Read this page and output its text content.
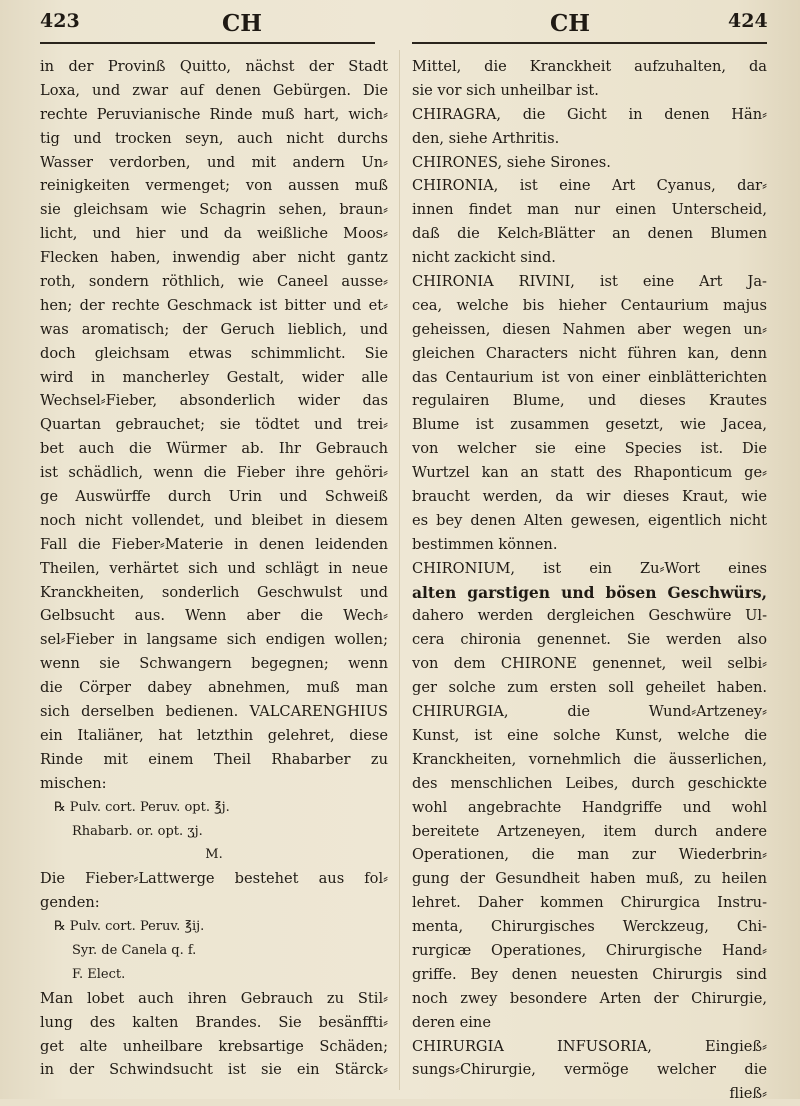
423	CH	CH	424
in der Provinß Quitto, nächst der Stadt
Loxa, und zwar auf denen Gebürgen. Die
rechte Peruvianische Rinde muß hart, wich⸗
tig und trocken seyn, auch nicht durchs
Wasser verdorben, und mit andern Un⸗
reinigkeiten vermenget; von aussen muß
sie gleichsam wie Schagrin sehen, braun⸗
licht, und hier und da weißliche Moos⸗
Flecken haben, inwendig aber nicht gantz
roth, sondern röthlich, wie Caneel aussе⸗
hen; der rechte Geschmack ist bitter und et⸗
was aromatisch; der Geruch lieblich, und
doch gleichsam etwas schimmlicht. Sie
wird in mancherley Gestalt, wider alle
Wechsel⸗Fieber, absonderlich wider das
Quartan gebrauchet; sie tödtet und trei⸗
bet auch die Würmer ab. Ihr Gebrauch
ist schädlich, wenn die Fieber ihre gehöri⸗
ge Auswürffe durch Urin und Schweiß
noch nicht vollendet, und bleibet in diesem
Fall die Fieber⸗Materie in denen leidenden
Theilen, verhärtet sich und schlägt in neue
Kranckheiten, sonderlich Geschwulst und
Gelbsucht aus. Wenn aber die Wech⸗
sel⸗Fieber in langsame sich endigen wollen;
wenn sie Schwangern begegnen; wenn
die Cörper dabey abnehmen, muß man
sich derselben bedienen. VALCARENGHIUS
ein Italiäner, hat letzthin gelehret, diese
Rinde mit einem Theil Rhabarber zu
mischen:
℞ Pulv. cort. Peruv. opt. ℥j.
Rhabarb. or. opt. ʒj.
M.
Die Fieber⸗Lattwerge bestehet aus fol⸗
genden:
℞ Pulv. cort. Peruv. ℥ij.
Syr. de Canela q. f.
F. Elect.
Man lobet auch ihren Gebrauch zu Stil⸗
lung des kalten Brandes. Sie besänffti⸗
get alte unheilbare krebsartige Schäden;
in der Schwindsucht ist sie ein Stärck⸗
Mittel, die Kranckheit aufzuhalten, da
sie vor sich unheilbar ist.
CHIRAGRA, die Gicht in denen Hän⸗
den, siehe Arthritis.
CHIRONES, siehe Sirones.
CHIRONIA, ist eine Art Cyanus, dar⸗
innen findet man nur einen Unterscheid,
daß die Kelch⸗Blätter an denen Blumen
nicht zackicht sind.
CHIRONIA RIVINI, ist eine Art Ja-
cea, welche bis hieher Centaurium majus
geheissen, diesen Nahmen aber wegen un⸗
gleichen Characters nicht führen kan, denn
das Centaurium ist von einer einblätterichten
regulairen Blume, und dieses Krautes
Blume ist zusammen gesetzt, wie Jacea,
von welcher sie eine Species ist. Die
Wurtzel kan an statt des Rhaponticum ge⸗
braucht werden, da wir dieses Kraut, wie
es bey denen Alten gewesen, eigentlich nicht
bestimmen können.
CHIRONIUM, ist ein Zu⸗Wort eines
alten garstigen und bösen Geschwürs,
dahero werden dergleichen Geschwüre Ul-
cera chironia genennet. Sie werden also
von dem CHIRONE genennet, weil selbi⸗
ger solche zum ersten soll geheilet haben.
CHIRURGIA, die Wund⸗Artzeney⸗
Kunst, ist eine solche Kunst, welche die
Kranckheiten, vornehmlich die äusserlichen,
des menschlichen Leibes, durch geschickte
wohl angebrachte Handgriffe und wohl
bereitete Artzeneyen, item durch andere
Operationen, die man zur Wiederbrin⸗
gung der Gesundheit haben muß, zu heilen
lehret. Daher kommen Chirurgica Instru-
menta, Chirurgisches Werckzeug, Chi-
rurgicæ Operationes, Chirurgische Hand⸗
griffe. Bey denen neuesten Chirurgis sind
noch zwey besondere Arten der Chirurgie,
deren eine
CHIRURGIA INFUSORIA, Eingieß⸗
sungs⸗Chirurgie, vermöge welcher die
fließ⸗
